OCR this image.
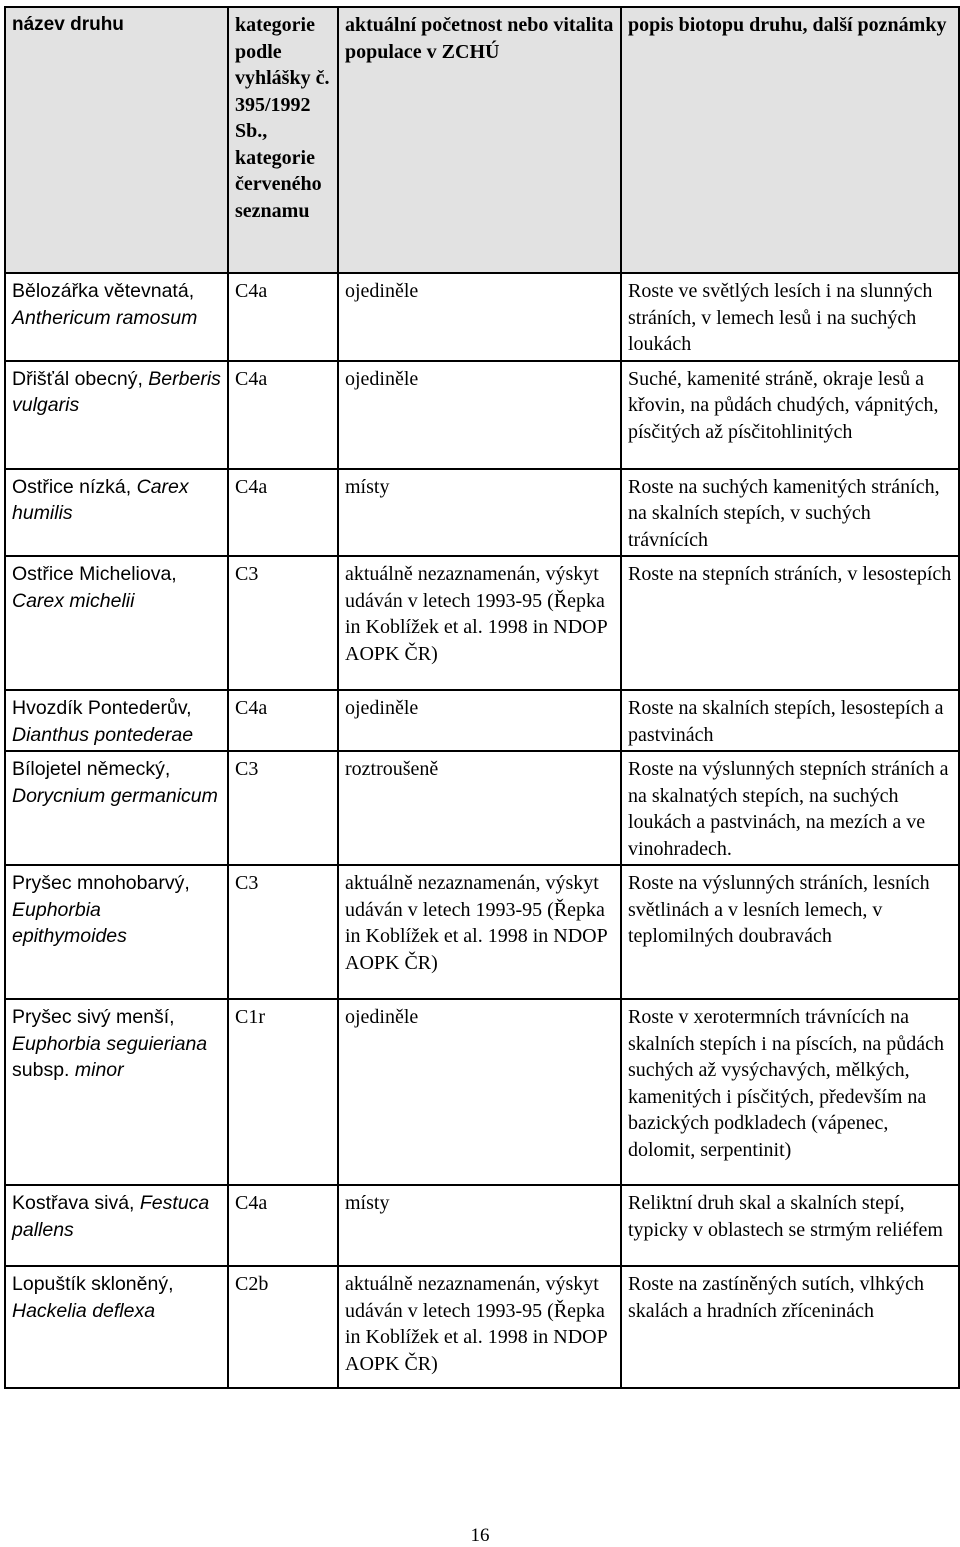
název druhu	kategorie podle vyhlášky č. 395/1992 Sb., kategorie červeného seznamu	aktuální početnost nebo vitalita populace v ZCHÚ	popis biotopu druhu, další poznámky
Bělozářka větevnatá, Anthericum ramosum	C4a	ojediněle	Roste ve světlých lesích i na slunných stráních, v lemech lesů i na suchých loukách
Dřišťál obecný, Berberis vulgaris	C4a	ojediněle	Suché, kamenité stráně, okraje lesů a křovin, na půdách chudých, vápnitých, písčitých až písčitohlinitých
Ostřice nízká, Carex humilis	C4a	místy	Roste na suchých kamenitých stráních, na skalních stepích, v suchých trávnících
Ostřice Micheliova, Carex michelii	C3	aktuálně nezaznamenán, výskyt udáván v letech 1993-95 (Řepka in Koblížek et al. 1998 in NDOP AOPK ČR)	Roste na stepních stráních, v lesostepích
Hvozdík Pontederův, Dianthus pontederae	C4a	ojediněle	Roste na skalních stepích, lesostepích a pastvinách
Bílojetel německý, Dorycnium germanicum	C3	roztroušeně	Roste na výslunných stepních stráních a na skalnatých stepích, na suchých loukách a pastvinách, na mezích a ve vinohradech.
Pryšec mnohobarvý, Euphorbia epithymoides	C3	aktuálně nezaznamenán, výskyt udáván v letech 1993-95 (Řepka in Koblížek et al. 1998 in NDOP AOPK ČR)	Roste na výslunných stráních, lesních světlinách a v lesních lemech, v teplomilných doubravách
Pryšec sivý menší, Euphorbia seguieriana subsp. minor	C1r	ojediněle	Roste v xerotermních trávnících na skalních stepích i na píscích, na půdách suchých až vysýchavých, mělkých, kamenitých i písčitých, především na bazických podkladech (vápenec, dolomit, serpentinit)
Kostřava sivá, Festuca pallens	C4a	místy	Reliktní druh skal a skalních stepí, typicky v oblastech se strmým reliéfem
Lopuštík skloněný, Hackelia deflexa	C2b	aktuálně nezaznamenán, výskyt udáván v letech 1993-95 (Řepka in Koblížek et al. 1998 in NDOP AOPK ČR)	Roste na zastíněných sutích, vlhkých skalách a hradních zříceninách
16
